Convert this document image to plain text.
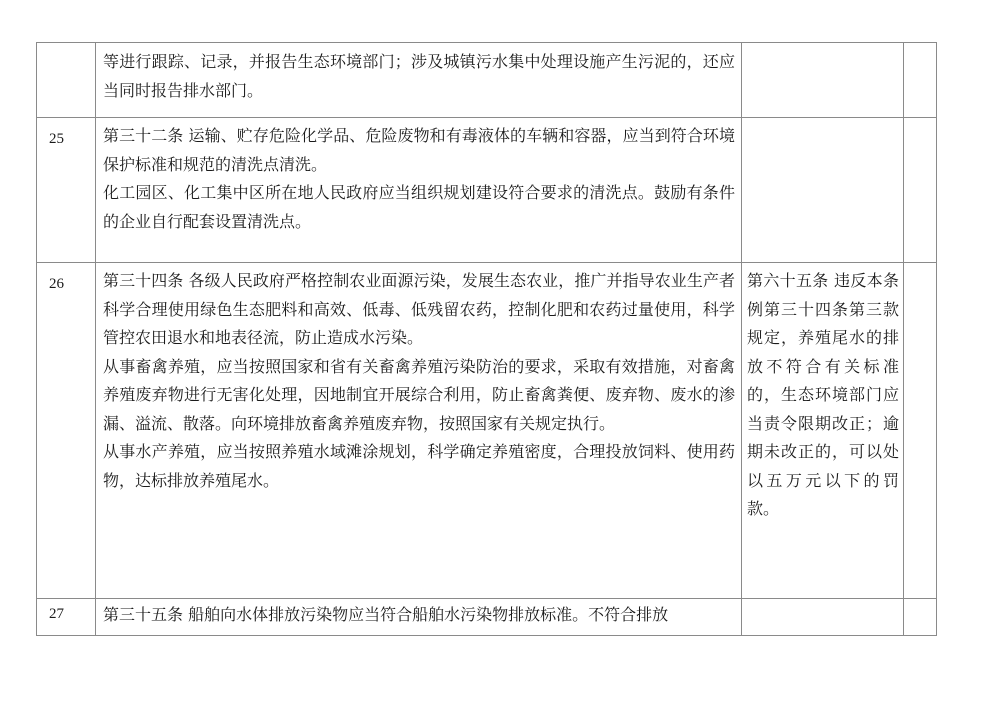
	等进行跟踪、记录，并报告生态环境部门；涉及城镇污水集中处理设施产生污泥的，还应当同时报告排水部门。		

25	第三十二条 运输、贮存危险化学品、危险废物和有毒液体的车辆和容器，应当到符合环境保护标准和规范的清洗点清洗。

化工园区、化工集中区所在地人民政府应当组织规划建设符合要求的清洗点。鼓励有条件的企业自行配套设置清洗点。		

26	第三十四条 各级人民政府严格控制农业面源污染，发展生态农业，推广并指导农业生产者科学合理使用绿色生态肥料和高效、低毒、低残留农药，控制化肥和农药过量使用，科学管控农田退水和地表径流，防止造成水污染。

从事畜禽养殖，应当按照国家和省有关畜禽养殖污染防治的要求，采取有效措施，对畜禽养殖废弃物进行无害化处理，因地制宜开展综合利用，防止畜禽粪便、废弃物、废水的渗漏、溢流、散落。向环境排放畜禽养殖废弃物，按照国家有关规定执行。

从事水产养殖，应当按照养殖水域滩涂规划，科学确定养殖密度，合理投放饲料、使用药物，达标排放养殖尾水。	第六十五条 违反本条例第三十四条第三款规定，养殖尾水的排放不符合有关标准的，生态环境部门应当责令限期改正；逾期未改正的，可以处以五万元以下的罚款。	
27	第三十五条 船舶向水体排放污染物应当符合船舶水污染物排放标准。不符合排放		
